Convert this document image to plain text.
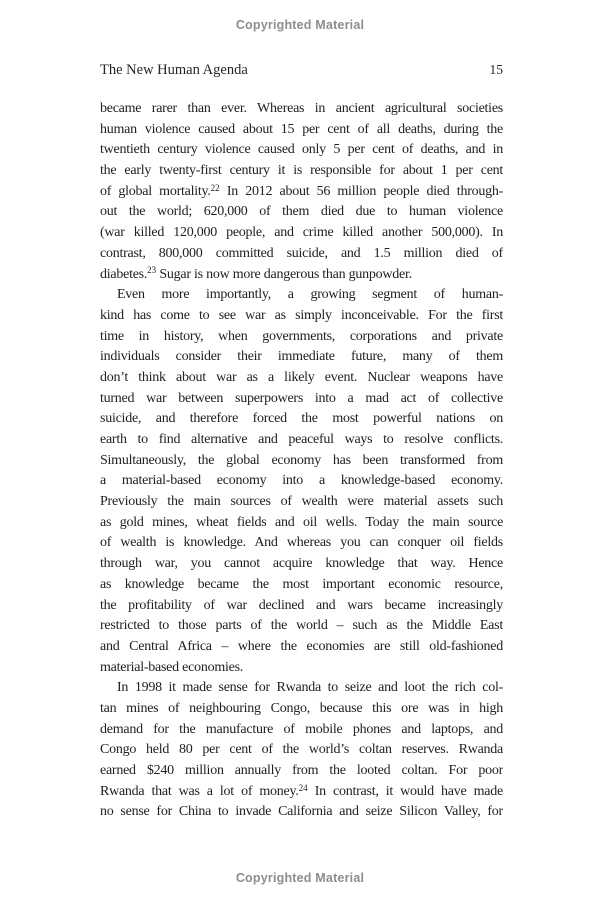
Copyrighted Material
The New Human Agenda	15
became rarer than ever. Whereas in ancient agricultural societies
human violence caused about 15 per cent of all deaths, during the
twentieth century violence caused only 5 per cent of deaths, and in
the early twenty-first century it is responsible for about 1 per cent
of global mortality.$^{22}$ In 2012 about 56 million people died through-
out the world; 620,000 of them died due to human violence
(war killed 120,000 people, and crime killed another 500,000). In
contrast, 800,000 committed suicide, and 1.5 million died of
diabetes.$^{23}$ Sugar is now more dangerous than gunpowder.
Even more importantly, a growing segment of human-
kind has come to see war as simply inconceivable. For the first
time in history, when governments, corporations and private
individuals consider their immediate future, many of them
don’t think about war as a likely event. Nuclear weapons have
turned war between superpowers into a mad act of collective
suicide, and therefore forced the most powerful nations on
earth to find alternative and peaceful ways to resolve conflicts.
Simultaneously, the global economy has been transformed from
a material-based economy into a knowledge-based economy.
Previously the main sources of wealth were material assets such
as gold mines, wheat fields and oil wells. Today the main source
of wealth is knowledge. And whereas you can conquer oil fields
through war, you cannot acquire knowledge that way. Hence
as knowledge became the most important economic resource,
the profitability of war declined and wars became increasingly
restricted to those parts of the world – such as the Middle East
and Central Africa – where the economies are still old-fashioned
material-based economies.
In 1998 it made sense for Rwanda to seize and loot the rich col-
tan mines of neighbouring Congo, because this ore was in high
demand for the manufacture of mobile phones and laptops, and
Congo held 80 per cent of the world’s coltan reserves. Rwanda
earned $240 million annually from the looted coltan. For poor
Rwanda that was a lot of money.$^{24}$ In contrast, it would have made
no sense for China to invade California and seize Silicon Valley, for
Copyrighted Material
